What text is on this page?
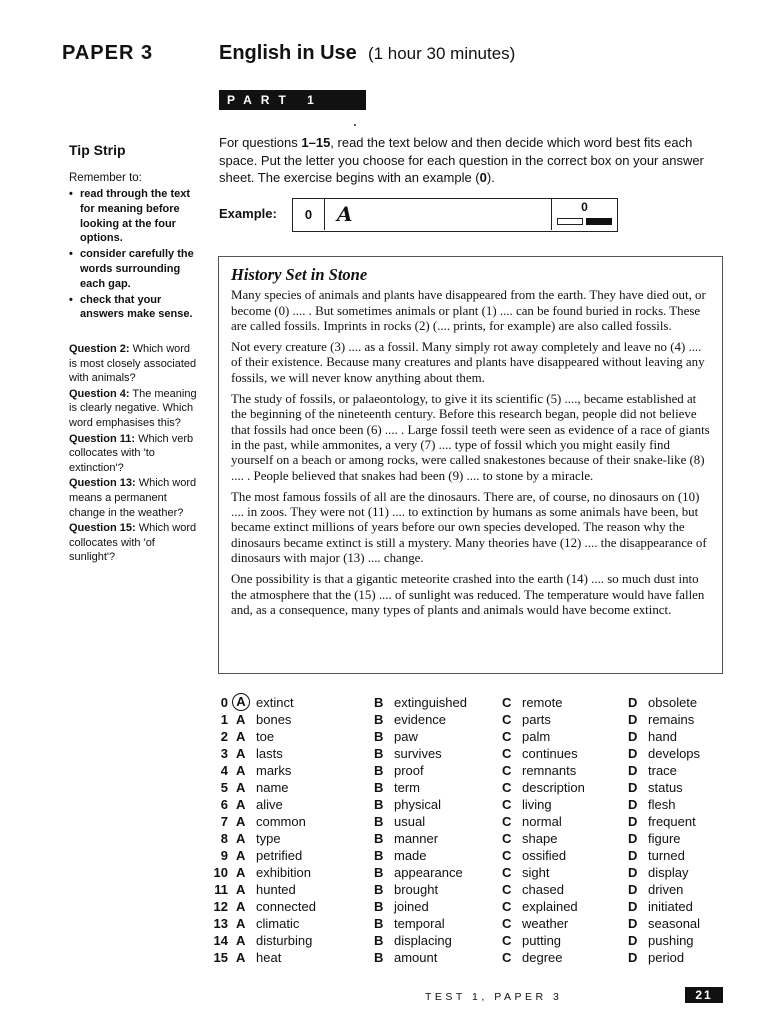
PAPER 3	English in Use (1 hour 30 minutes)
PART 1
Tip Strip
Remember to:
• read through the text for meaning before looking at the four options.
• consider carefully the words surrounding each gap.
• check that your answers make sense.
Question 2: Which word is most closely associated with animals?
Question 4: The meaning is clearly negative. Which word emphasises this?
Question 11: Which verb collocates with 'to extinction'?
Question 13: Which word means a permanent change in the weather?
Question 15: Which word collocates with 'of sunlight'?
For questions 1–15, read the text below and then decide which word best fits each space. Put the letter you choose for each question in the correct box on your answer sheet. The exercise begins with an example (0).
Example:	0	A	0
History Set in Stone

Many species of animals and plants have disappeared from the earth. They have died out, or become (0) .... . But sometimes animals or plant (1) .... can be found buried in rocks. These are called fossils. Imprints in rocks (2) (.... prints, for example) are also called fossils.

Not every creature (3) .... as a fossil. Many simply rot away completely and leave no (4) .... of their existence. Because many creatures and plants have disappeared without leaving any fossils, we will never know anything about them.

The study of fossils, or palaeontology, to give it its scientific (5) ...., became established at the beginning of the nineteenth century. Before this research began, people did not believe that fossils had once been (6) .... . Large fossil teeth were seen as evidence of a race of giants in the past, while ammonites, a very (7) .... type of fossil which you might easily find yourself on a beach or among rocks, were called snakestones because of their snake-like (8) .... . People believed that snakes had been (9) .... to stone by a miracle.

The most famous fossils of all are the dinosaurs. There are, of course, no dinosaurs on (10) .... in zoos. They were not (11) .... to extinction by humans as some animals have been, but became extinct millions of years before our own species developed. The reason why the dinosaurs became extinct is still a mystery. Many theories have (12) .... the disappearance of dinosaurs with major (13) .... change.

One possibility is that a gigantic meteorite crashed into the earth (14) .... so much dust into the atmosphere that the (15) .... of sunlight was reduced. The temperature would have fallen and, as a consequence, many types of plants and animals would have become extinct.

0	A	extinct	B	extinguished	C	remote	D	obsolete
1	A	bones	B	evidence	C	parts	D	remains
2	A	toe	B	paw	C	palm	D	hand
3	A	lasts	B	survives	C	continues	D	develops
4	A	marks	B	proof	C	remnants	D	trace
5	A	name	B	term	C	description	D	status
6	A	alive	B	physical	C	living	D	flesh
7	A	common	B	usual	C	normal	D	frequent
8	A	type	B	manner	C	shape	D	figure
9	A	petrified	B	made	C	ossified	D	turned
10	A	exhibition	B	appearance	C	sight	D	display
11	A	hunted	B	brought	C	chased	D	driven
12	A	connected	B	joined	C	explained	D	initiated
13	A	climatic	B	temporal	C	weather	D	seasonal
14	A	disturbing	B	displacing	C	putting	D	pushing
15	A	heat	B	amount	C	degree	D	period
TEST 1, PAPER 3	21
